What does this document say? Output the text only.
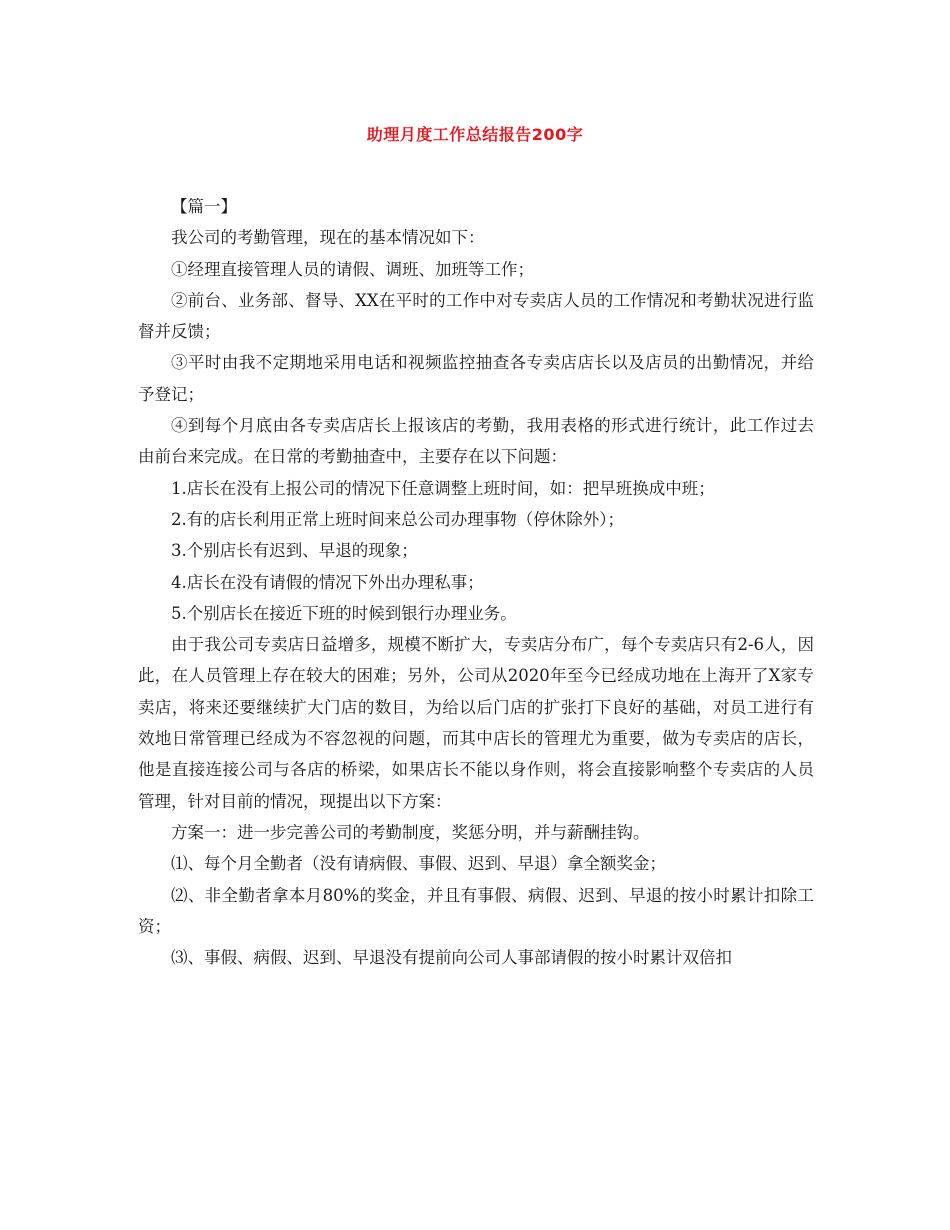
助理月度工作总结报告200字

【篇一】

我公司的考勤管理，现在的基本情况如下：

①经理直接管理人员的请假、调班、加班等工作；

②前台、业务部、督导、XX在平时的工作中对专卖店人员的工作情况和考勤状况进行监督并反馈；

③平时由我不定期地采用电话和视频监控抽查各专卖店店长以及店员的出勤情况，并给予登记；

④到每个月底由各专卖店店长上报该店的考勤，我用表格的形式进行统计，此工作过去由前台来完成。在日常的考勤抽查中，主要存在以下问题：

1.店长在没有上报公司的情况下任意调整上班时间，如：把早班换成中班；

2.有的店长利用正常上班时间来总公司办理事物（停休除外）；

3.个别店长有迟到、早退的现象；

4.店长在没有请假的情况下外出办理私事；

5.个别店长在接近下班的时候到银行办理业务。

由于我公司专卖店日益增多，规模不断扩大，专卖店分布广，每个专卖店只有2-6人，因此，在人员管理上存在较大的困难；另外，公司从2020年至今已经成功地在上海开了X家专卖店，将来还要继续扩大门店的数目，为给以后门店的扩张打下良好的基础，对员工进行有效地日常管理已经成为不容忽视的问题，而其中店长的管理尤为重要，做为专卖店的店长，他是直接连接公司与各店的桥梁，如果店长不能以身作则，将会直接影响整个专卖店的人员管理，针对目前的情况，现提出以下方案：

方案一：进一步完善公司的考勤制度，奖惩分明，并与薪酬挂钩。

⑴、每个月全勤者（没有请病假、事假、迟到、早退）拿全额奖金；

⑵、非全勤者拿本月80%的奖金，并且有事假、病假、迟到、早退的按小时累计扣除工资；

⑶、事假、病假、迟到、早退没有提前向公司人事部请假的按小时累计双倍扣
